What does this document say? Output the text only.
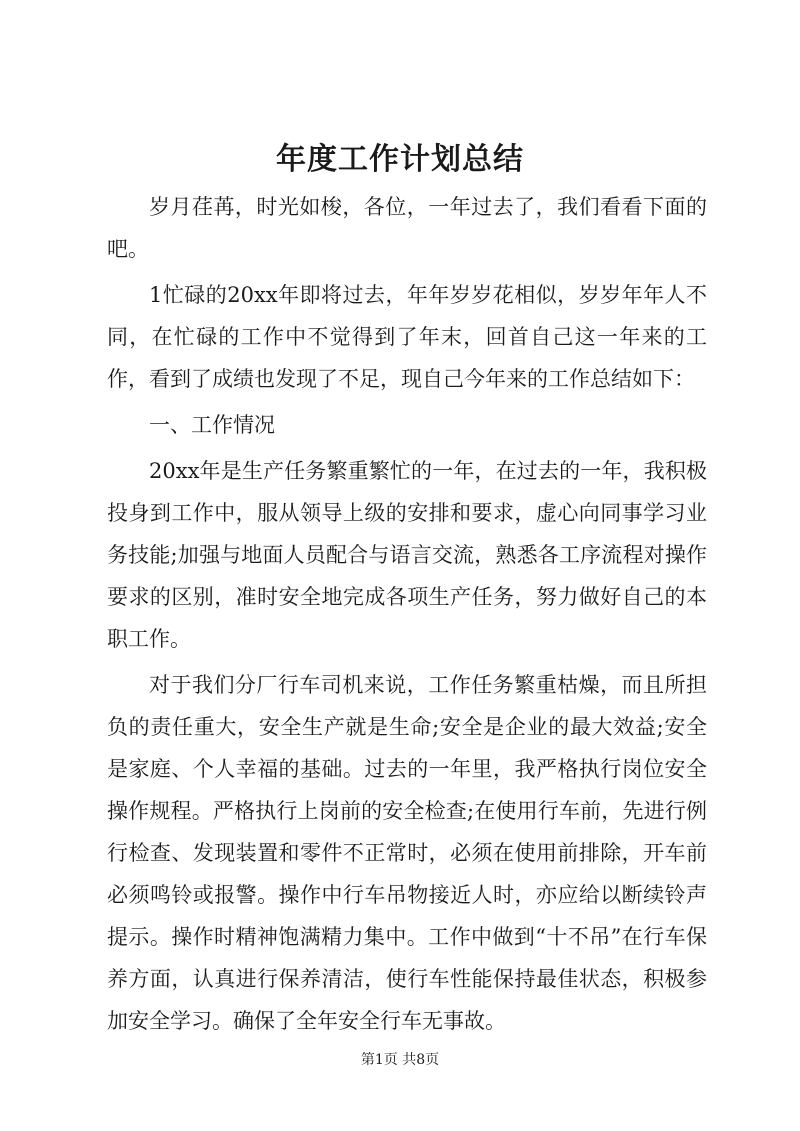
年度工作计划总结

岁月荏苒，时光如梭，各位，一年过去了，我们看看下面的吧。

1忙碌的20xx年即将过去，年年岁岁花相似，岁岁年年人不同，在忙碌的工作中不觉得到了年末，回首自己这一年来的工作，看到了成绩也发现了不足，现自己今年来的工作总结如下：

一、工作情况

20xx年是生产任务繁重繁忙的一年，在过去的一年，我积极投身到工作中，服从领导上级的安排和要求，虚心向同事学习业务技能;加强与地面人员配合与语言交流，熟悉各工序流程对操作要求的区别，准时安全地完成各项生产任务，努力做好自己的本职工作。

对于我们分厂行车司机来说，工作任务繁重枯燥，而且所担负的责任重大，安全生产就是生命;安全是企业的最大效益;安全是家庭、个人幸福的基础。过去的一年里，我严格执行岗位安全操作规程。严格执行上岗前的安全检查;在使用行车前，先进行例行检查、发现装置和零件不正常时，必须在使用前排除，开车前必须鸣铃或报警。操作中行车吊物接近人时，亦应给以断续铃声提示。操作时精神饱满精力集中。工作中做到“十不吊”在行车保养方面，认真进行保养清洁，使行车性能保持最佳状态，积极参加安全学习。确保了全年安全行车无事故。

第1页 共8页
